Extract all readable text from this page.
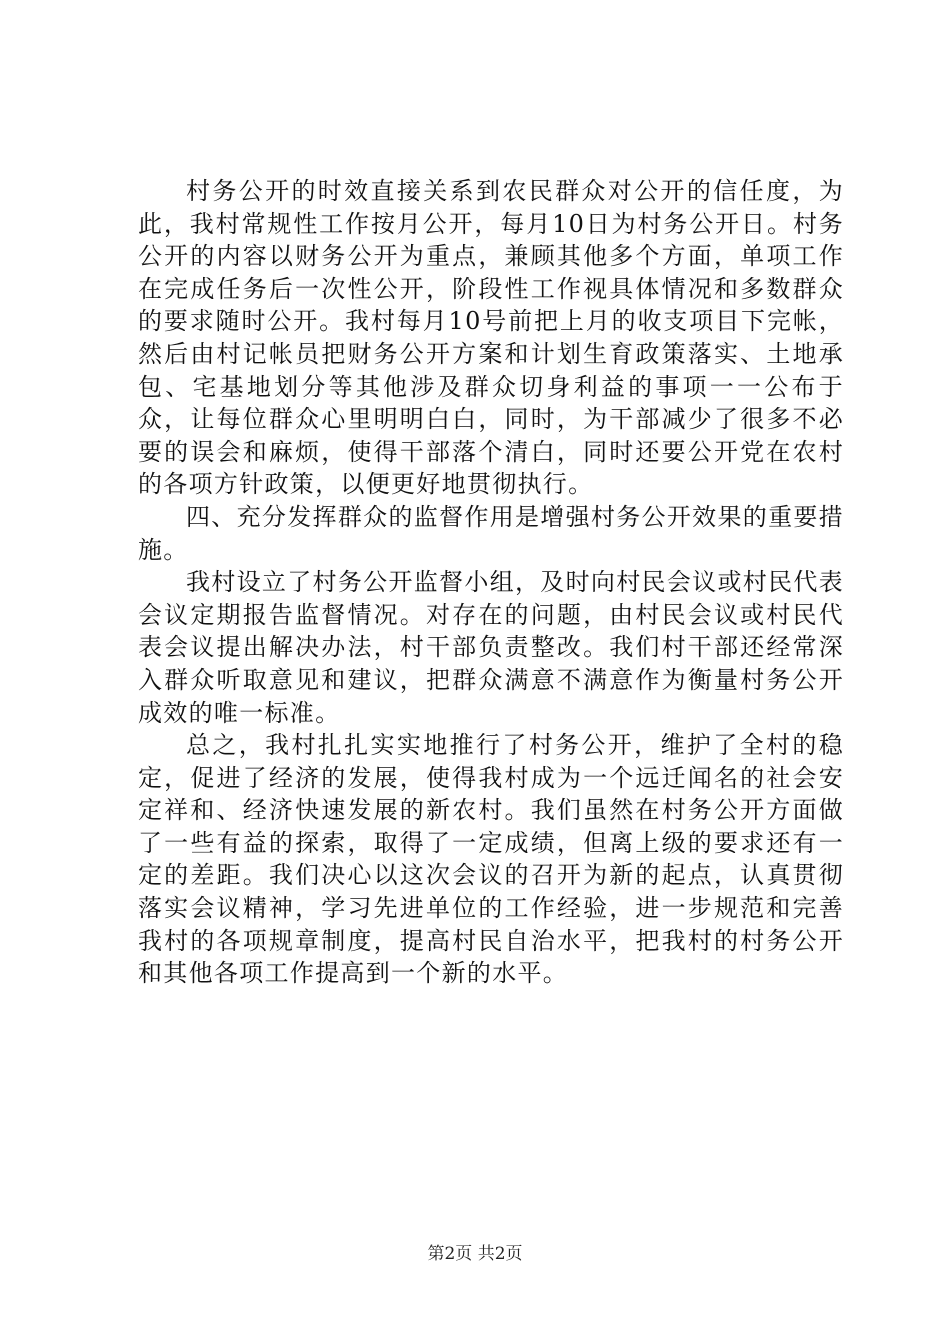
村务公开的时效直接关系到农民群众对公开的信任度，为此，我村常规性工作按月公开，每月10日为村务公开日。村务公开的内容以财务公开为重点，兼顾其他多个方面，单项工作在完成任务后一次性公开，阶段性工作视具体情况和多数群众的要求随时公开。我村每月10号前把上月的收支项目下完帐，然后由村记帐员把财务公开方案和计划生育政策落实、土地承包、宅基地划分等其他涉及群众切身利益的事项一一公布于众，让每位群众心里明明白白，同时，为干部减少了很多不必要的误会和麻烦，使得干部落个清白，同时还要公开党在农村的各项方针政策，以便更好地贯彻执行。

四、充分发挥群众的监督作用是增强村务公开效果的重要措施。

我村设立了村务公开监督小组，及时向村民会议或村民代表会议定期报告监督情况。对存在的问题，由村民会议或村民代表会议提出解决办法，村干部负责整改。我们村干部还经常深入群众听取意见和建议，把群众满意不满意作为衡量村务公开成效的唯一标准。

总之，我村扎扎实实地推行了村务公开，维护了全村的稳定，促进了经济的发展，使得我村成为一个远迁闻名的社会安定祥和、经济快速发展的新农村。我们虽然在村务公开方面做了一些有益的探索，取得了一定成绩，但离上级的要求还有一定的差距。我们决心以这次会议的召开为新的起点，认真贯彻落实会议精神，学习先进单位的工作经验，进一步规范和完善我村的各项规章制度，提高村民自治水平，把我村的村务公开和其他各项工作提高到一个新的水平。

第2页 共2页
